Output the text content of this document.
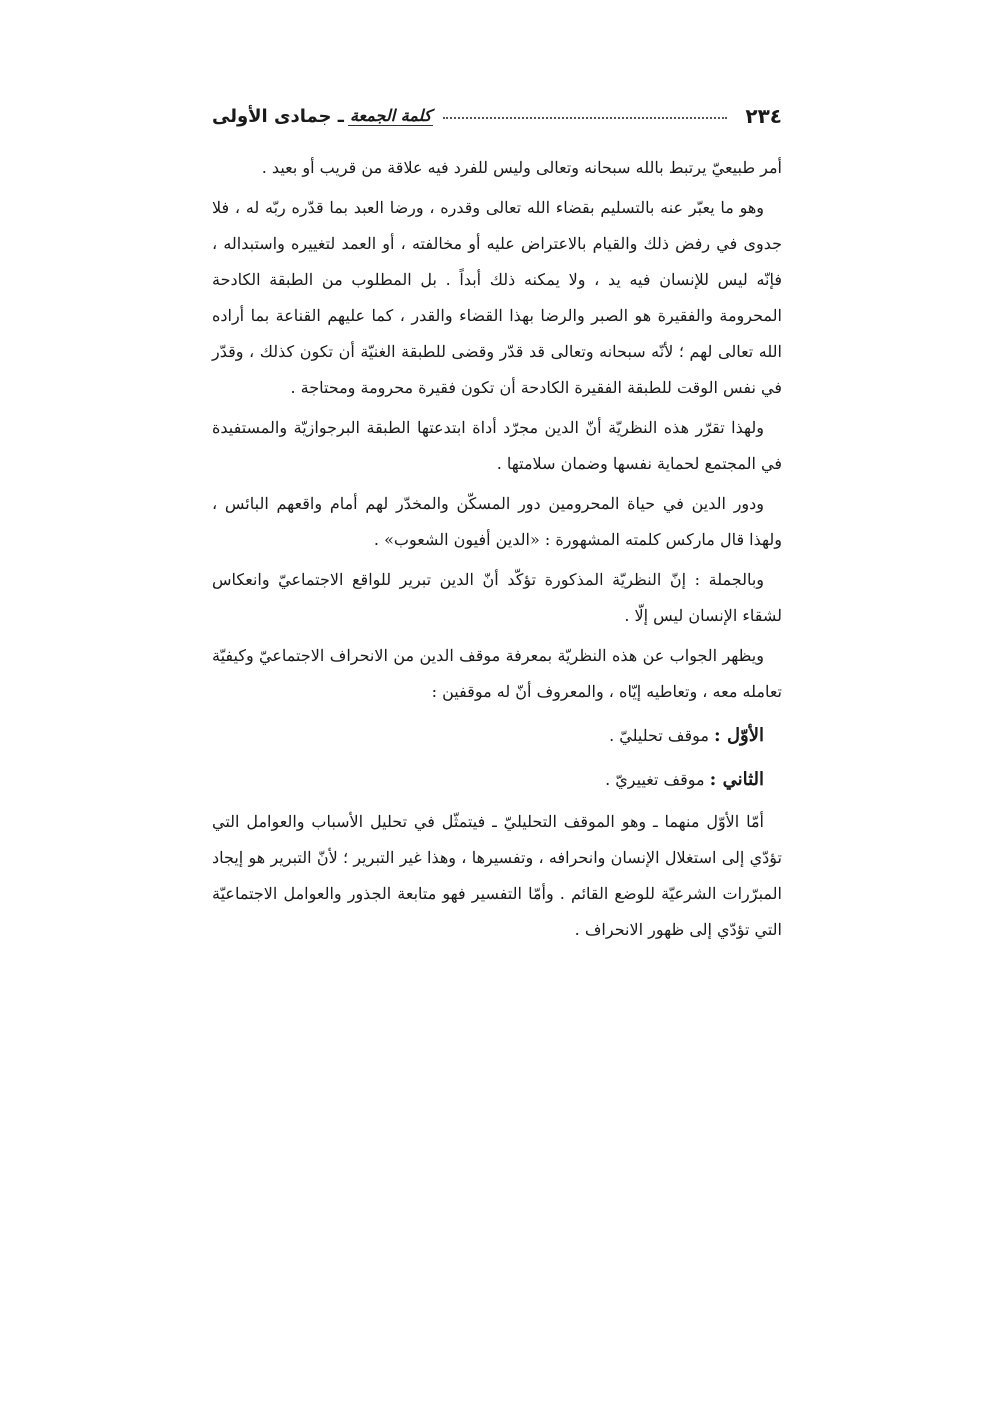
٢٣٤
كلمة الجمعة
ـ جمادى الأولى

أمر طبيعيّ يرتبط بالله سبحانه وتعالى وليس للفرد فيه علاقة من قريب أو بعيد .

وهو ما يعبّر عنه بالتسليم بقضاء الله تعالى وقدره ، ورضا العبد بما قدّره ربّه له ، فلا جدوى في رفض ذلك والقيام بالاعتراض عليه أو مخالفته ، أو العمد لتغييره واستبداله ، فإنّه ليس للإنسان فيه يد ، ولا يمكنه ذلك أبداً . بل المطلوب من الطبقة الكادحة المحرومة والفقيرة هو الصبر والرضا بهذا القضاء والقدر ، كما عليهم القناعة بما أراده الله تعالى لهم ؛ لأنّه سبحانه وتعالى قد قدّر وقضى للطبقة الغنيّة أن تكون كذلك ، وقدّر في نفس الوقت للطبقة الفقيرة الكادحة أن تكون فقيرة محرومة ومحتاجة .

ولهذا تقرّر هذه النظريّة أنّ الدين مجرّد أداة ابتدعتها الطبقة البرجوازيّة والمستفيدة في المجتمع لحماية نفسها وضمان سلامتها .

ودور الدين في حياة المحرومين دور المسكّن والمخدّر لهم أمام واقعهم البائس ، ولهذا قال ماركس كلمته المشهورة : «الدين أفيون الشعوب» .

وبالجملة : إنّ النظريّة المذكورة تؤكّد أنّ الدين تبرير للواقع الاجتماعيّ وانعكاس لشقاء الإنسان ليس إلّا .

ويظهر الجواب عن هذه النظريّة بمعرفة موقف الدين من الانحراف الاجتماعيّ وكيفيّة تعامله معه ، وتعاطيه إيّاه ، والمعروف أنّ له موقفين :

الأوّل : موقف تحليليّ .

الثاني : موقف تغييريّ .

أمّا الأوّل منهما ـ وهو الموقف التحليليّ ـ فيتمثّل في تحليل الأسباب والعوامل التي تؤدّي إلى استغلال الإنسان وانحرافه ، وتفسيرها ، وهذا غير التبرير ؛ لأنّ التبرير هو إيجاد المبرّرات الشرعيّة للوضع القائم . وأمّا التفسير فهو متابعة الجذور والعوامل الاجتماعيّة التي تؤدّي إلى ظهور الانحراف .
